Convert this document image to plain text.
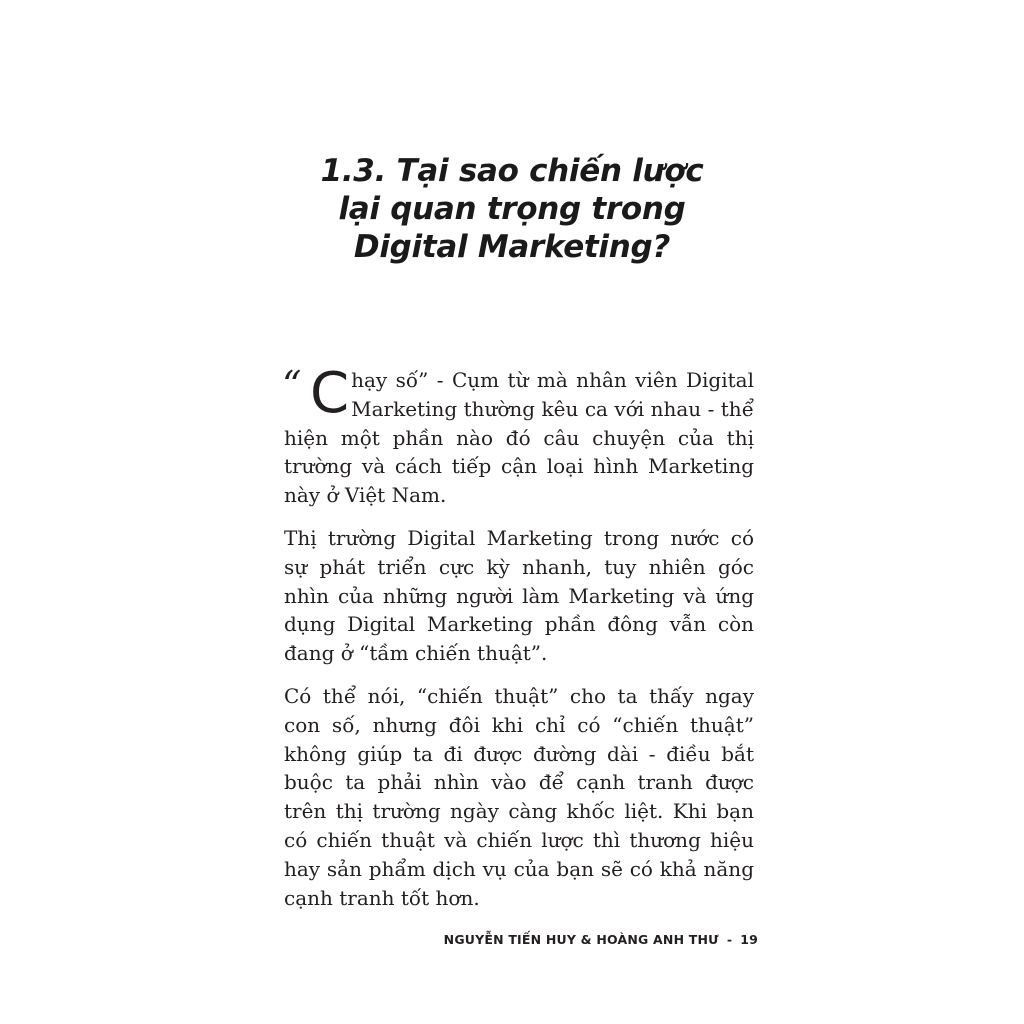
1.3. Tại sao chiến lược
lại quan trọng trong
Digital Marketing?

“ C hạy số” - Cụm từ mà nhân viên Digital Marketing thường kêu ca với nhau - thể hiện một phần nào đó câu chuyện của thị trường và cách tiếp cận loại hình Marketing này ở Việt Nam.

Thị trường Digital Marketing trong nước có sự phát triển cực kỳ nhanh, tuy nhiên góc nhìn của những người làm Marketing và ứng dụng Digital Marketing phần đông vẫn còn đang ở “tầm chiến thuật”.

Có thể nói, “chiến thuật” cho ta thấy ngay con số, nhưng đôi khi chỉ có “chiến thuật” không giúp ta đi được đường dài - điều bắt buộc ta phải nhìn vào để cạnh tranh được trên thị trường ngày càng khốc liệt. Khi bạn có chiến thuật và chiến lược thì thương hiệu hay sản phẩm dịch vụ của bạn sẽ có khả năng cạnh tranh tốt hơn.

NGUYỄN TIẾN HUY & HOÀNG ANH THƯ - 19
